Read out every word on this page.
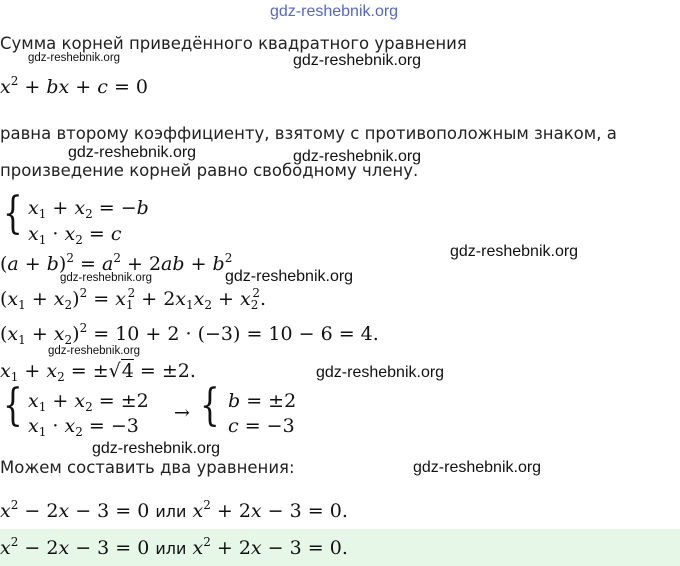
gdz-reshebnik.org
gdz-reshebnik.org	gdz-reshebnik.org
gdz-reshebnik.org	gdz-reshebnik.org
gdz-reshebnik.org
gdz-reshebnik.org
gdz-reshebnik.org
gdz-reshebnik.org
gdz-reshebnik.org
gdz-reshebnik.org
gdz-reshebnik.org
Сумма корней приведённого квадратного уравнения
$x^2$ + bx + c = 0
равна второму коэффициенту, взятому с противоположным знаком, а
произведение корней равно свободному члену.
{ $x_1 + x_2 = -b$
$x_1 \cdot x_2 = c$
$(a + b)^2 = a^2 + 2ab + b^2$
$(x_1 + x_2)^2 = x_1^2 + 2x_1x_2 + x_2^2$.
$(x_1 + x_2)^2 = 10 + 2 \cdot (-3) = 10 - 6 = 4$.
$x_1 + x_2 = \pm√4 = \pm 2$.
{ $x_1 + x_2 = \pm 2$
$x_1 \cdot x_2 = -3$
→ { b = ±2
c = −3
Можем составить два уравнения:
$x^2 - 2x - 3 = 0$ или $x^2 + 2x - 3 = 0$.
$x^2 - 2x - 3 = 0$ или $x^2 + 2x - 3 = 0$.
